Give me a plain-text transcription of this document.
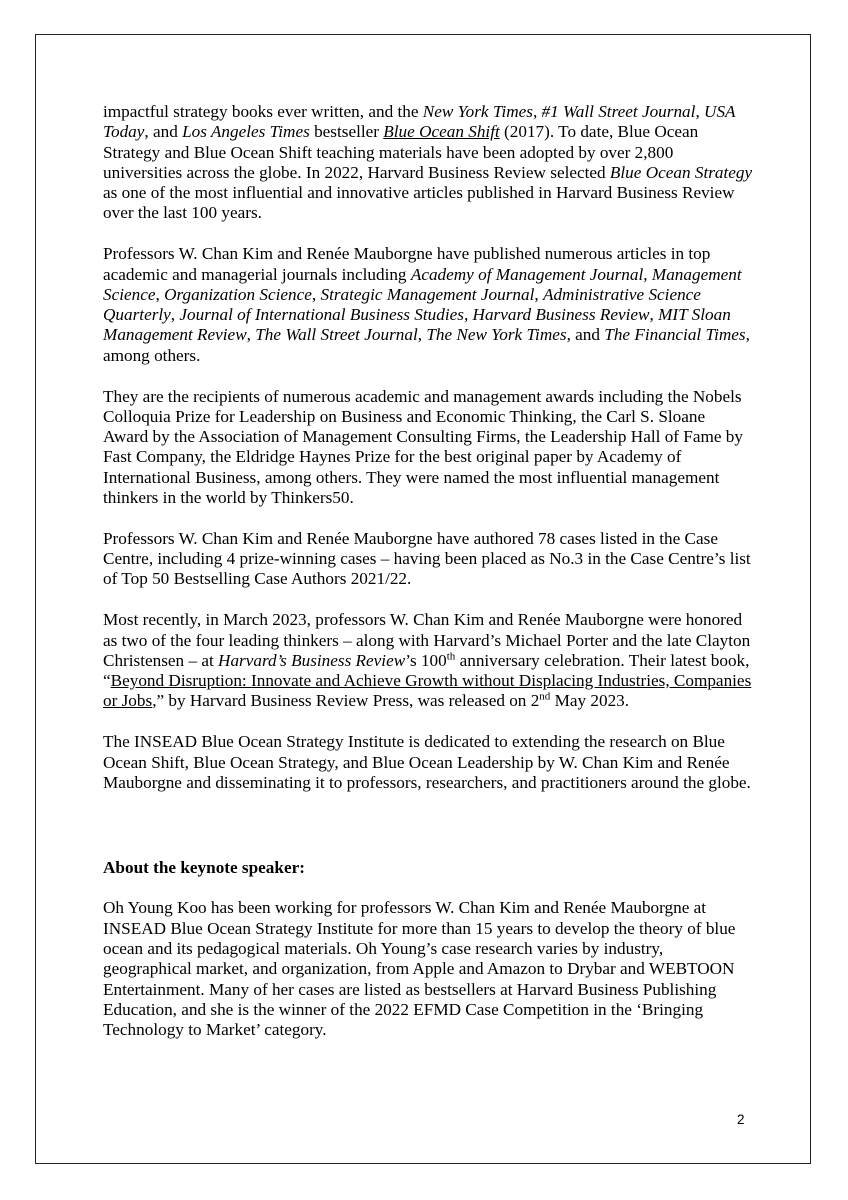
impactful strategy books ever written, and the New York Times, #1 Wall Street Journal, USA Today, and Los Angeles Times bestseller Blue Ocean Shift (2017). To date, Blue Ocean Strategy and Blue Ocean Shift teaching materials have been adopted by over 2,800 universities across the globe. In 2022, Harvard Business Review selected Blue Ocean Strategy as one of the most influential and innovative articles published in Harvard Business Review over the last 100 years.

Professors W. Chan Kim and Renée Mauborgne have published numerous articles in top academic and managerial journals including Academy of Management Journal, Management Science, Organization Science, Strategic Management Journal, Administrative Science Quarterly, Journal of International Business Studies, Harvard Business Review, MIT Sloan Management Review, The Wall Street Journal, The New York Times, and The Financial Times, among others.

They are the recipients of numerous academic and management awards including the Nobels Colloquia Prize for Leadership on Business and Economic Thinking, the Carl S. Sloane Award by the Association of Management Consulting Firms, the Leadership Hall of Fame by Fast Company, the Eldridge Haynes Prize for the best original paper by Academy of International Business, among others. They were named the most influential management thinkers in the world by Thinkers50.

Professors W. Chan Kim and Renée Mauborgne have authored 78 cases listed in the Case Centre, including 4 prize-winning cases – having been placed as No.3 in the Case Centre’s list of Top 50 Bestselling Case Authors 2021/22.

Most recently, in March 2023, professors W. Chan Kim and Renée Mauborgne were honored as two of the four leading thinkers – along with Harvard’s Michael Porter and the late Clayton Christensen – at Harvard’s Business Review’s 100th anniversary celebration. Their latest book, “Beyond Disruption: Innovate and Achieve Growth without Displacing Industries, Companies or Jobs,” by Harvard Business Review Press, was released on 2nd May 2023.

The INSEAD Blue Ocean Strategy Institute is dedicated to extending the research on Blue Ocean Shift, Blue Ocean Strategy, and Blue Ocean Leadership by W. Chan Kim and Renée Mauborgne and disseminating it to professors, researchers, and practitioners around the globe.

About the keynote speaker:

Oh Young Koo has been working for professors W. Chan Kim and Renée Mauborgne at INSEAD Blue Ocean Strategy Institute for more than 15 years to develop the theory of blue ocean and its pedagogical materials. Oh Young’s case research varies by industry, geographical market, and organization, from Apple and Amazon to Drybar and WEBTOON Entertainment. Many of her cases are listed as bestsellers at Harvard Business Publishing Education, and she is the winner of the 2022 EFMD Case Competition in the ‘Bringing Technology to Market’ category.

2
